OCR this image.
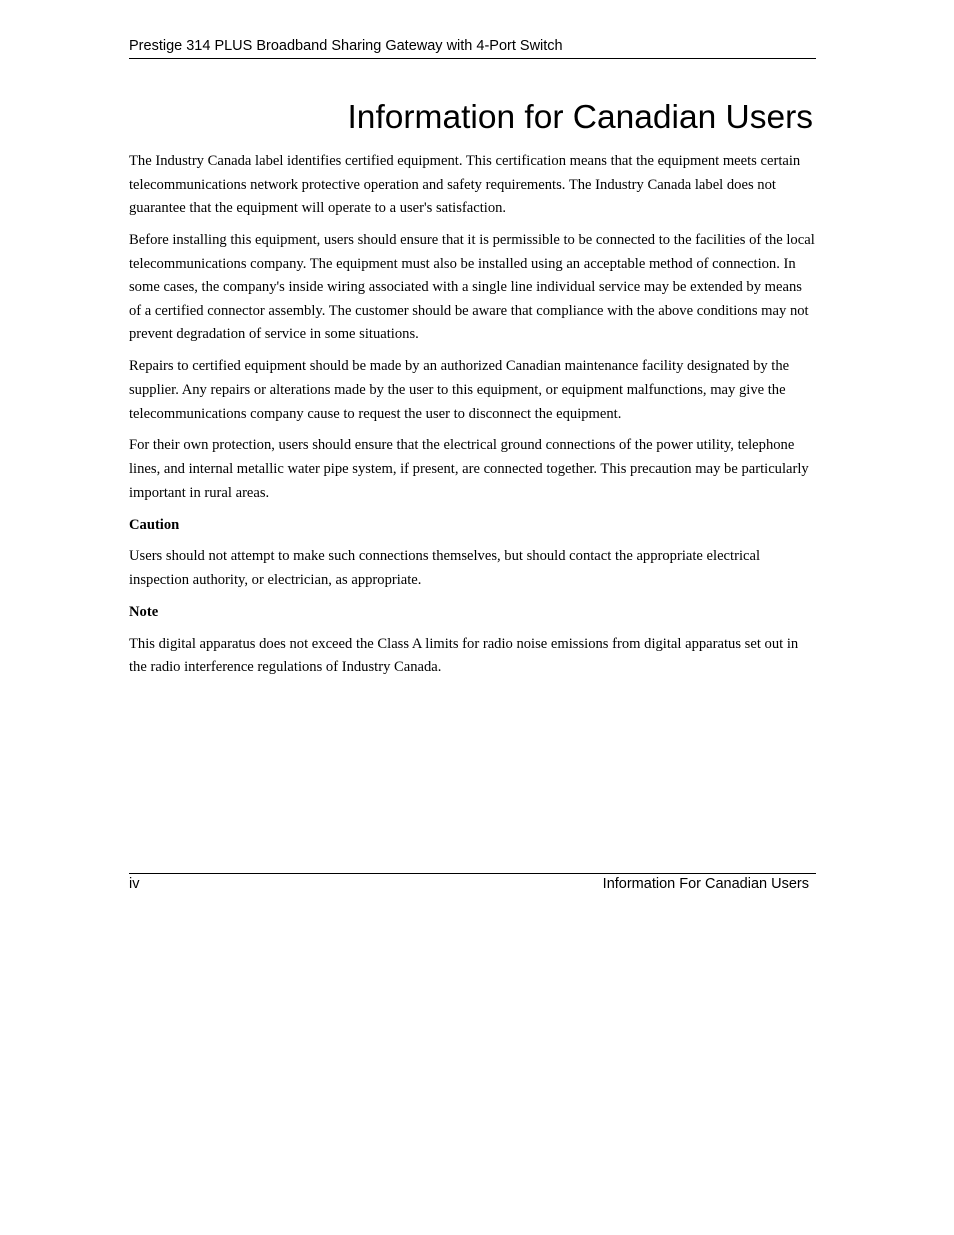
Prestige 314 PLUS Broadband Sharing Gateway with 4-Port Switch
Information for Canadian Users

The Industry Canada label identifies certified equipment. This certification means that the equipment meets certain telecommunications network protective operation and safety requirements. The Industry Canada label does not guarantee that the equipment will operate to a user's satisfaction.

Before installing this equipment, users should ensure that it is permissible to be connected to the facilities of the local telecommunications company. The equipment must also be installed using an acceptable method of connection. In some cases, the company's inside wiring associated with a single line individual service may be extended by means of a certified connector assembly. The customer should be aware that compliance with the above conditions may not prevent degradation of service in some situations.

Repairs to certified equipment should be made by an authorized Canadian maintenance facility designated by the supplier. Any repairs or alterations made by the user to this equipment, or equipment malfunctions, may give the telecommunications company cause to request the user to disconnect the equipment.

For their own protection, users should ensure that the electrical ground connections of the power utility, telephone lines, and internal metallic water pipe system, if present, are connected together. This precaution may be particularly important in rural areas.

Caution

Users should not attempt to make such connections themselves, but should contact the appropriate electrical inspection authority, or electrician, as appropriate.

Note

This digital apparatus does not exceed the Class A limits for radio noise emissions from digital apparatus set out in the radio interference regulations of Industry Canada.

iv	Information For Canadian Users
